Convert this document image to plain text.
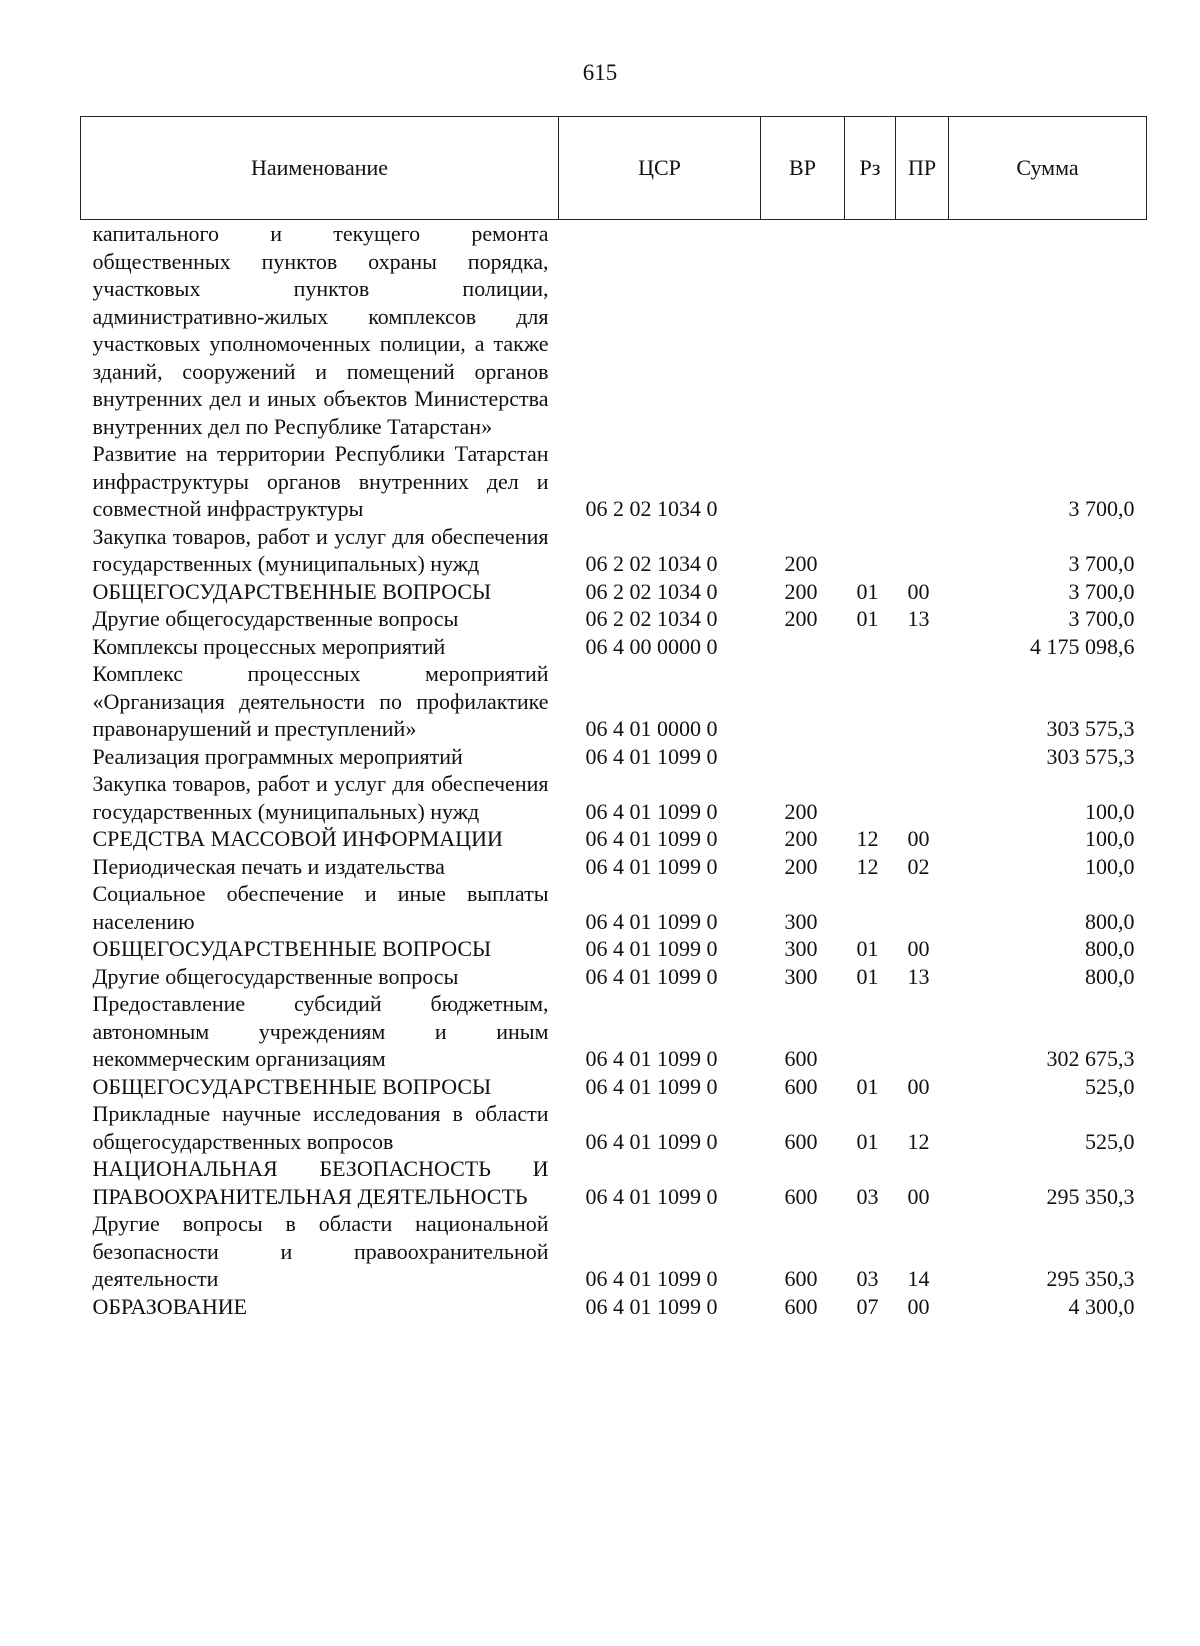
615
Наименование	ЦСР	ВР	Рз	ПР	Сумма
капитального и текущего ремонта общественных пунктов охраны порядка, участковых пунктов полиции, административно-жилых комплексов для участковых уполномоченных полиции, а также зданий, сооружений и помещений органов внутренних дел и иных объектов Министерства внутренних дел по Республике Татарстан»					
Развитие на территории Республики Татарстан инфраструктуры органов внутренних дел и совместной инфраструктуры	06 2 02 1034 0				3 700,0
Закупка товаров, работ и услуг для обеспечения государственных (муниципальных) нужд	06 2 02 1034 0	200			3 700,0
ОБЩЕГОСУДАРСТВЕННЫЕ ВОПРОСЫ	06 2 02 1034 0	200	01	00	3 700,0
Другие общегосударственные вопросы	06 2 02 1034 0	200	01	13	3 700,0
Комплексы процессных мероприятий	06 4 00 0000 0				4 175 098,6
Комплекс процессных мероприятий «Организация деятельности по профилактике правонарушений и преступлений»	06 4 01 0000 0				303 575,3
Реализация программных мероприятий	06 4 01 1099 0				303 575,3
Закупка товаров, работ и услуг для обеспечения государственных (муниципальных) нужд	06 4 01 1099 0	200			100,0
СРЕДСТВА МАССОВОЙ ИНФОРМАЦИИ	06 4 01 1099 0	200	12	00	100,0
Периодическая печать и издательства	06 4 01 1099 0	200	12	02	100,0
Социальное обеспечение и иные выплаты населению	06 4 01 1099 0	300			800,0
ОБЩЕГОСУДАРСТВЕННЫЕ ВОПРОСЫ	06 4 01 1099 0	300	01	00	800,0
Другие общегосударственные вопросы	06 4 01 1099 0	300	01	13	800,0
Предоставление субсидий бюджетным, автономным учреждениям и иным некоммерческим организациям	06 4 01 1099 0	600			302 675,3
ОБЩЕГОСУДАРСТВЕННЫЕ ВОПРОСЫ	06 4 01 1099 0	600	01	00	525,0
Прикладные научные исследования в области общегосударственных вопросов	06 4 01 1099 0	600	01	12	525,0
НАЦИОНАЛЬНАЯ БЕЗОПАСНОСТЬ И ПРАВООХРАНИТЕЛЬНАЯ ДЕЯТЕЛЬНОСТЬ	06 4 01 1099 0	600	03	00	295 350,3
Другие вопросы в области национальной безопасности и правоохранительной деятельности	06 4 01 1099 0	600	03	14	295 350,3
ОБРАЗОВАНИЕ	06 4 01 1099 0	600	07	00	4 300,0
